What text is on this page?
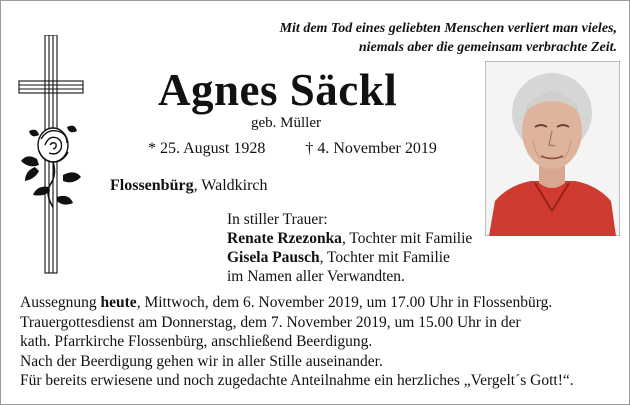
Mit dem Tod eines geliebten Menschen verliert man vieles,
niemals aber die gemeinsam verbrachte Zeit.
Agnes Säckl
geb. Müller
* 25. August 1928	† 4. November 2019
Flossenbürg, Waldkirch
In stiller Trauer:
Renate Rzezonka, Tochter mit Familie
Gisela Pausch, Tochter mit Familie
im Namen aller Verwandten.
Aussegnung heute, Mittwoch, dem 6. November 2019, um 17.00 Uhr in Flossenbürg.
Trauergottesdienst am Donnerstag, dem 7. November 2019, um 15.00 Uhr in der
kath. Pfarrkirche Flossenbürg, anschließend Beerdigung.
Nach der Beerdigung gehen wir in aller Stille auseinander.
Für bereits erwiesene und noch zugedachte Anteilnahme ein herzliches „Vergelt´s Gott!“.
